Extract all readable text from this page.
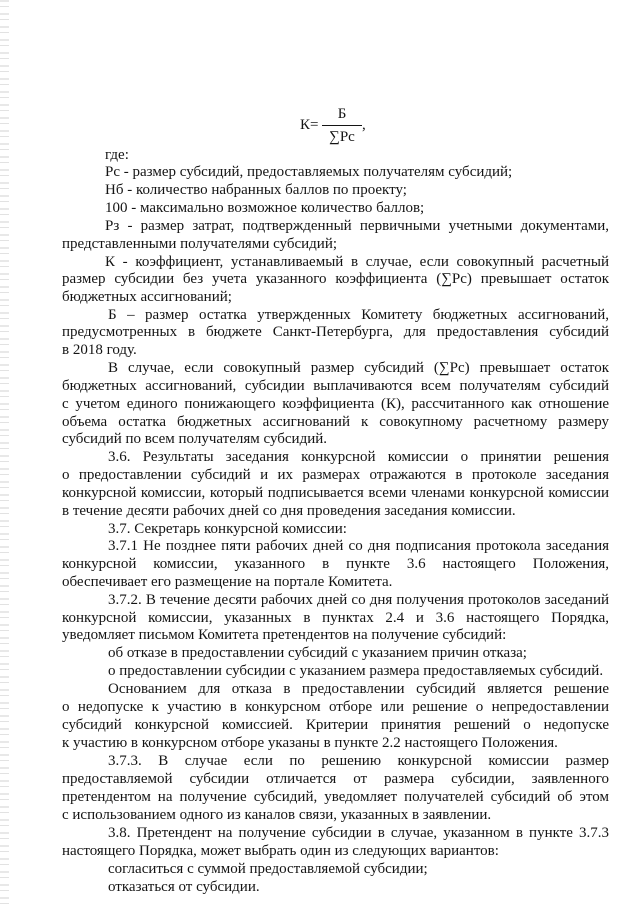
К=
Б
∑Рс
,
где:
Рс - размер субсидий, предоставляемых получателям субсидий;
Нб - количество набранных баллов по проекту;
100 - максимально возможное количество баллов;
Рз - размер затрат, подтвержденный первичными учетными документами,
представленными получателями субсидий;
К - коэффициент, устанавливаемый в случае, если совокупный расчетный
размер субсидии без учета указанного коэффициента (∑Рс) превышает остаток
бюджетных ассигнований;
Б – размер остатка утвержденных Комитету бюджетных ассигнований,
предусмотренных в бюджете Санкт-Петербурга, для предоставления субсидий
в 2018 году.
В случае, если совокупный размер субсидий (∑Рс) превышает остаток
бюджетных ассигнований, субсидии выплачиваются всем получателям субсидий
с учетом единого понижающего коэффициента (К), рассчитанного как отношение
объема остатка бюджетных ассигнований к совокупному расчетному размеру
субсидий по всем получателям субсидий.
3.6. Результаты заседания конкурсной комиссии о принятии решения
о предоставлении субсидий и их размерах отражаются в протоколе заседания
конкурсной комиссии, который подписывается всеми членами конкурсной комиссии
в течение десяти рабочих дней со дня проведения заседания комиссии.
3.7. Секретарь конкурсной комиссии:
3.7.1 Не позднее пяти рабочих дней со дня подписания протокола заседания
конкурсной комиссии, указанного в пункте 3.6 настоящего Положения,
обеспечивает его размещение на портале Комитета.
3.7.2. В течение десяти рабочих дней со дня получения протоколов заседаний
конкурсной комиссии, указанных в пунктах 2.4 и 3.6 настоящего Порядка,
уведомляет письмом Комитета претендентов на получение субсидий:
об отказе в предоставлении субсидий с указанием причин отказа;
о предоставлении субсидии с указанием размера предоставляемых субсидий.
Основанием для отказа в предоставлении субсидий является решение
о недопуске к участию в конкурсном отборе или решение о непредоставлении
субсидий конкурсной комиссией. Критерии принятия решений о недопуске
к участию в конкурсном отборе указаны в пункте 2.2 настоящего Положения.
3.7.3. В случае если по решению конкурсной комиссии размер
предоставляемой субсидии отличается от размера субсидии, заявленного
претендентом на получение субсидий, уведомляет получателей субсидий об этом
с использованием одного из каналов связи, указанных в заявлении.
3.8. Претендент на получение субсидии в случае, указанном в пункте 3.7.3
настоящего Порядка, может выбрать один из следующих вариантов:
согласиться с суммой предоставляемой субсидии;
отказаться от субсидии.
